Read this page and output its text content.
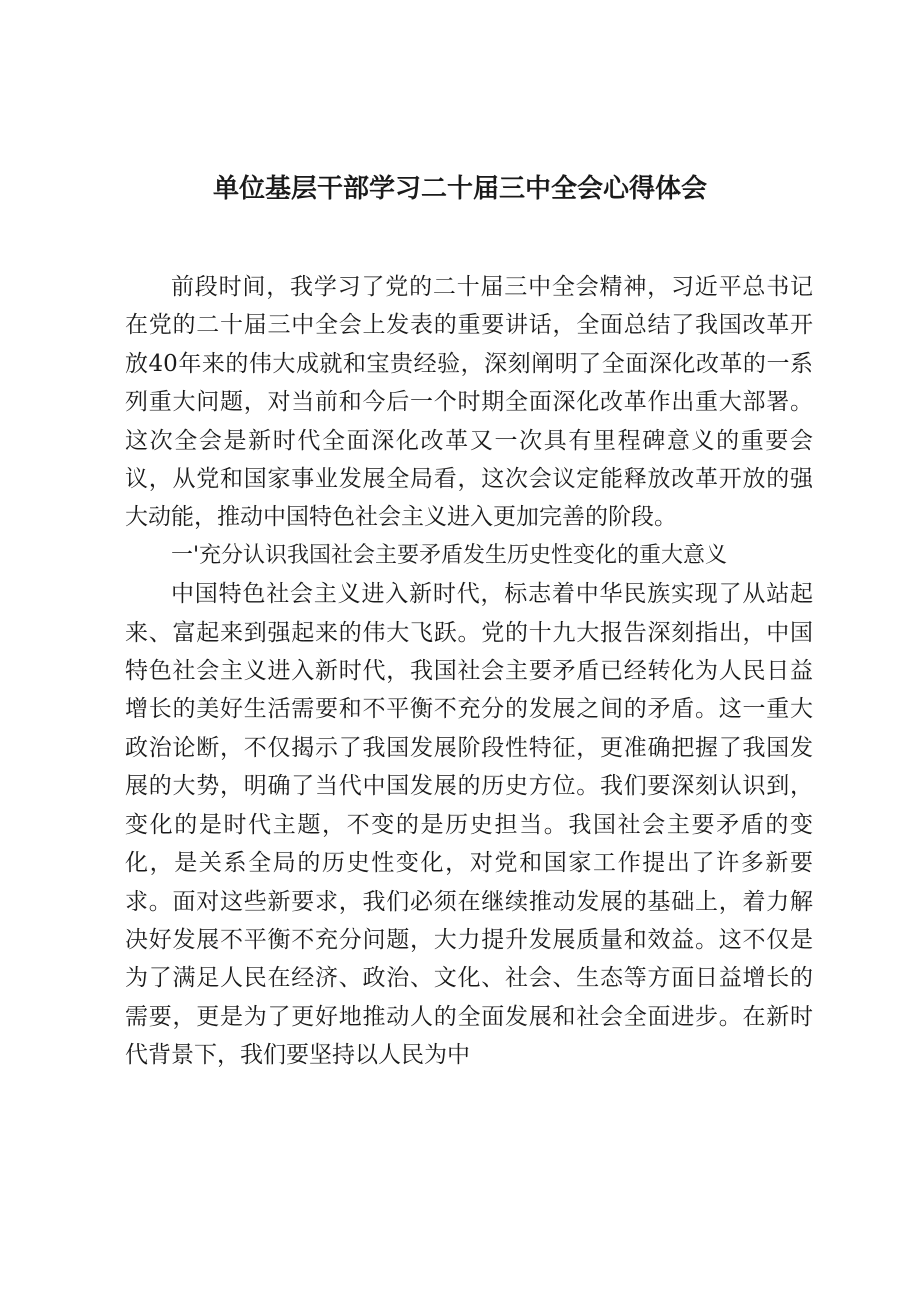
单位基层干部学习二十届三中全会心得体会

前段时间，我学习了党的二十届三中全会精神，习近平总书记在党的二十届三中全会上发表的重要讲话，全面总结了我国改革开放40年来的伟大成就和宝贵经验，深刻阐明了全面深化改革的一系列重大问题，对当前和今后一个时期全面深化改革作出重大部署。这次全会是新时代全面深化改革又一次具有里程碑意义的重要会议，从党和国家事业发展全局看，这次会议定能释放改革开放的强大动能，推动中国特色社会主义进入更加完善的阶段。

一'充分认识我国社会主要矛盾发生历史性变化的重大意义

中国特色社会主义进入新时代，标志着中华民族实现了从站起来、富起来到强起来的伟大飞跃。党的十九大报告深刻指出，中国特色社会主义进入新时代，我国社会主要矛盾已经转化为人民日益增长的美好生活需要和不平衡不充分的发展之间的矛盾。这一重大政治论断，不仅揭示了我国发展阶段性特征，更准确把握了我国发展的大势，明确了当代中国发展的历史方位。我们要深刻认识到，变化的是时代主题，不变的是历史担当。我国社会主要矛盾的变化，是关系全局的历史性变化，对党和国家工作提出了许多新要求。面对这些新要求，我们必须在继续推动发展的基础上，着力解决好发展不平衡不充分问题，大力提升发展质量和效益。这不仅是为了满足人民在经济、政治、文化、社会、生态等方面日益增长的需要，更是为了更好地推动人的全面发展和社会全面进步。在新时代背景下，我们要坚持以人民为中
